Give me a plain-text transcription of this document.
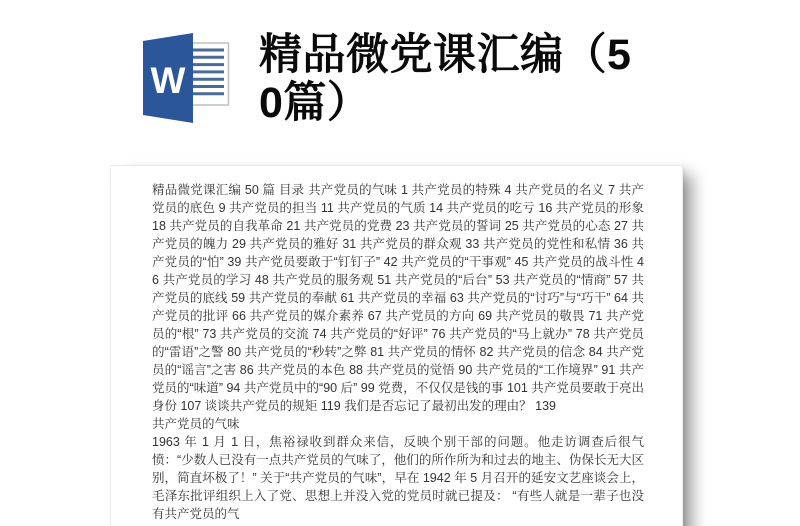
W
精品微党课汇编（50篇）

精品微党课汇编 50 篇 目录 共产党员的气味 1 共产党员的特殊 4 共产党员的名义 7 共产党员的底色 9 共产党员的担当 11 共产党员的气质 14 共产党员的吃亏 16 共产党员的形象 18 共产党员的自我革命 21 共产党员的党费 23 共产党员的誓词 25 共产党员的心态 27 共产党员的魄力 29 共产党员的雅好 31 共产党员的群众观 33 共产党员的党性和私情 36 共产党员的“怕” 39 共产党员要敢于“钉钉子” 42 共产党员的“干事观” 45 共产党员的战斗性 46 共产党员的学习 48 共产党员的服务观 51 共产党员的“后台” 53 共产党员的“情商” 57 共产党员的底线 59 共产党员的奉献 61 共产党员的幸福 63 共产党员的“讨巧”与“巧干” 64 共产党员的批评 66 共产党员的媒介素养 67 共产党员的方向 69 共产党员的敬畏 71 共产党员的“根” 73 共产党员的交流 74 共产党员的“好评” 76 共产党员的“马上就办” 78 共产党员的“雷语”之警 80 共产党员的“秒转”之弊 81 共产党员的情怀 82 共产党员的信念 84 共产党员的“谣言”之害 86 共产党员的本色 88 共产党员的觉悟 90 共产党员的“工作境界” 91 共产党员的“味道” 94 共产党员中的“90 后” 99 党费，不仅仅是钱的事 101 共产党员要敢于亮出身份 107 谈谈共产党员的规矩 119 我们是否忘记了最初出发的理由？ 139

共产党员的气味

1963 年 1 月 1 日，焦裕禄收到群众来信，反映个别干部的问题。他走访调查后很气愤：“少数人已没有一点共产党员的气味了，他们的所作所为和过去的地主、伪保长无大区别，简直坏极了！” 关于“共产党员的气味”，早在 1942 年 5 月召开的延安文艺座谈会上，毛泽东批评组织上入了党、思想上并没入党的党员时就已提及： “有些人就是一辈子也没有共产党员的气
